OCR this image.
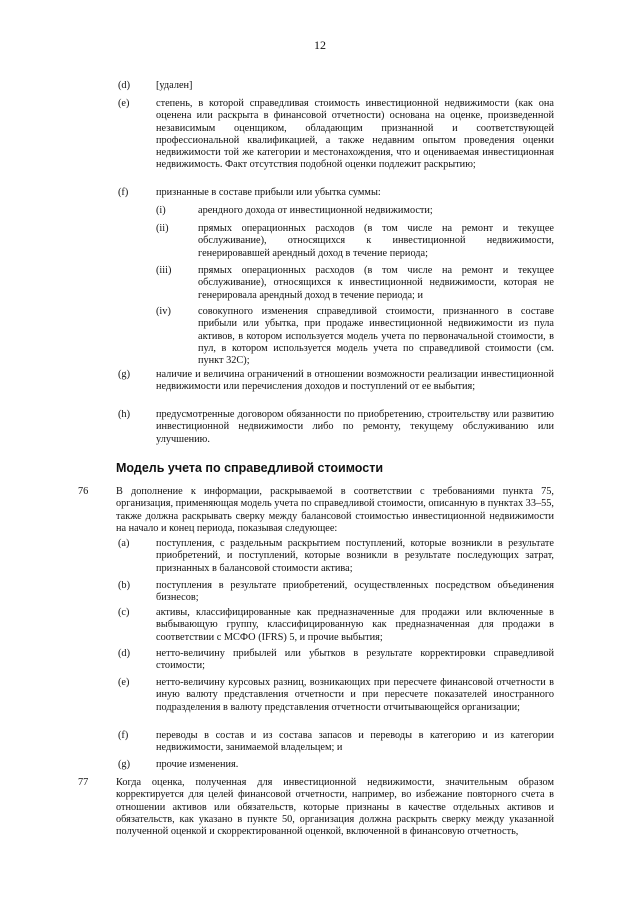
12
(d)	[удален]
(e)	степень, в которой справедливая стоимость инвестиционной недвижимости (как она оценена или раскрыта в финансовой отчетности) основана на оценке, произведенной независимым оценщиком, обладающим признанной и соответствующей профессиональной квалификацией, а также недавним опытом проведения оценки недвижимости той же категории и местонахождения, что и оцениваемая инвестиционная недвижимость. Факт отсутствия подобной оценки подлежит раскрытию;
(f)	признанные в составе прибыли или убытка суммы:
(i)	арендного дохода от инвестиционной недвижимости;
(ii)	прямых операционных расходов (в том числе на ремонт и текущее обслуживание), относящихся к инвестиционной недвижимости, генерировавшей арендный доход в течение периода;
(iii)	прямых операционных расходов (в том числе на ремонт и текущее обслуживание), относящихся к инвестиционной недвижимости, которая не генерировала арендный доход в течение периода; и
(iv)	совокупного изменения справедливой стоимости, признанного в составе прибыли или убытка, при продаже инвестиционной недвижимости из пула активов, в котором используется модель учета по первоначальной стоимости, в пул, в котором используется модель учета по справедливой стоимости (см. пункт 32С);
(g)	наличие и величина ограничений в отношении возможности реализации инвестиционной недвижимости или перечисления доходов и поступлений от ее выбытия;
(h)	предусмотренные договором обязанности по приобретению, строительству или развитию инвестиционной недвижимости либо по ремонту, текущему обслуживанию или улучшению.
Модель учета по справедливой стоимости
76	В дополнение к информации, раскрываемой в соответствии с требованиями пункта 75, организация, применяющая модель учета по справедливой стоимости, описанную в пунктах 33–55, также должна раскрывать сверку между балансовой стоимостью инвестиционной недвижимости на начало и конец периода, показывая следующее:
(a)	поступления, с раздельным раскрытием поступлений, которые возникли в результате приобретений, и поступлений, которые возникли в результате последующих затрат, признанных в балансовой стоимости актива;
(b)	поступления в результате приобретений, осуществленных посредством объединения бизнесов;
(c)	активы, классифицированные как предназначенные для продажи или включенные в выбывающую группу, классифицированную как предназначенная для продажи в соответствии с МСФО (IFRS) 5, и прочие выбытия;
(d)	нетто-величину прибылей или убытков в результате корректировки справедливой стоимости;
(e)	нетто-величину курсовых разниц, возникающих при пересчете финансовой отчетности в иную валюту представления отчетности и при пересчете показателей иностранного подразделения в валюту представления отчетности отчитывающейся организации;
(f)	переводы в состав и из состава запасов и переводы в категорию и из категории недвижимости, занимаемой владельцем; и
(g)	прочие изменения.
77	Когда оценка, полученная для инвестиционной недвижимости, значительным образом корректируется для целей финансовой отчетности, например, во избежание повторного счета в отношении активов или обязательств, которые признаны в качестве отдельных активов и обязательств, как указано в пункте 50, организация должна раскрыть сверку между указанной полученной оценкой и скорректированной оценкой, включенной в финансовую отчетность,
